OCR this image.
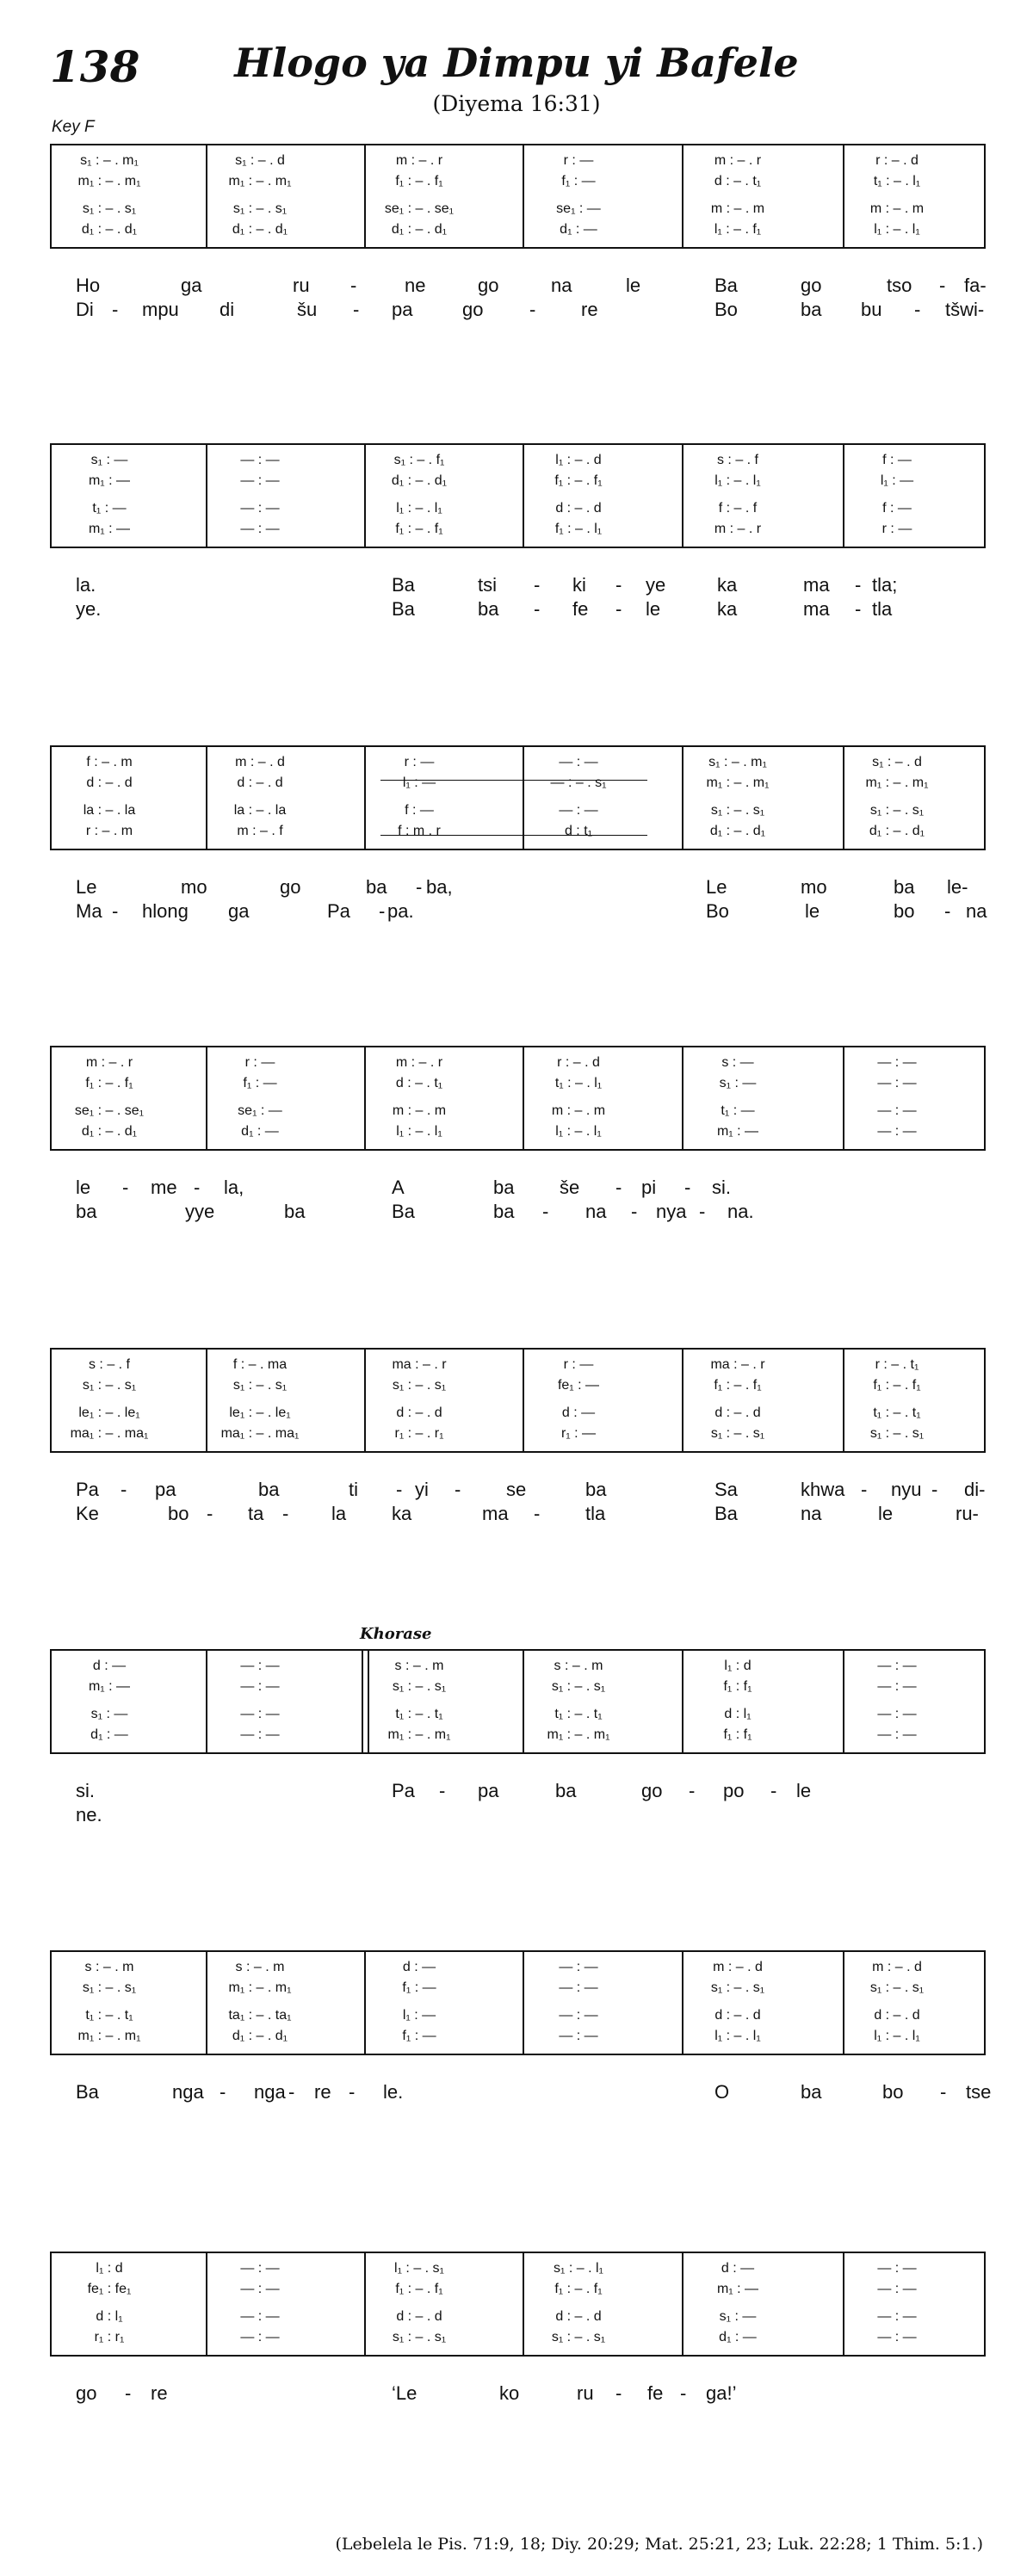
138	Hlogo ya Dimpu yi Bafele
(Diyema 16:31)
Key F
s₁ : – . m₁	s₁ : – . d	m : – . r	r : —	m : – . r	r : – . d
m₁ : – . m₁	m₁ : – . m₁	f₁ : – . f₁	f₁ : —	d : – . t₁	t₁ : – . l₁
s₁ : – . s₁	s₁ : – . s₁	se₁ : – . se₁	se₁ : —	m : – . m	m : – . m
d₁ : – . d₁	d₁ : – . d₁	d₁ : – . d₁	d₁ : —	l₁ : – . f₁	l₁ : – . l₁
Ho	ga	ru -	ne	go	na	le	Ba	go	tso - fa-
Di - mpu di	šu - pa	go - re	Bo	ba bu - tšwi-
s₁ : —	— : —	s₁ : – . f₁	l₁ : – . d	s : – . f	f : —
m₁ : —	— : —	d₁ : – . d₁	f₁ : – . f₁	l₁ : – . l₁	l₁ : —
t₁ : —	— : —	l₁ : – . l₁	d : – . d	f : – . f	f : —
m₁ : —	— : —	f₁ : – . f₁	f₁ : – . l₁	m : – . r	r : —
la.	Ba	tsi - ki - ye	ka	ma - tla;
ye.	Ba	ba - fe - le	ka	ma - tla
f : – . m	m : – . d	r : —	— : —	s₁ : – . m₁	s₁ : – . d
d : – . d	d : – . d	l₁ : —	— : – . s₁	m₁ : – . m₁	m₁ : – . m₁
la : – . la	la : – . la	f : —	— : —	s₁ : – . s₁	s₁ : – . s₁
r : – . m	m : – . f	f : m . r	d : t₁	d₁ : – . d₁	d₁ : – . d₁
Le	mo	go	ba - ba,	Le	mo	ba le-
Ma - hlong ga	Pa - pa.	Bo	le	bo - na
m : – . r	r : —	m : – . r	r : – . d	s : —	— : —
f₁ : – . f₁	f₁ : —	d : – . t₁	t₁ : – . l₁	s₁ : —	— : —
se₁ : – . se₁	se₁ : —	m : – . m	m : – . m	t₁ : —	— : —
d₁ : – . d₁	d₁ : —	l₁ : – . l₁	l₁ : – . l₁	m₁ : —	— : —
le - me - la,	A	ba še - pi - si.
ba	yye	ba	Ba	ba - na - nya - na.
s : – . f	f : – . ma	ma : – . r	r : —	ma : – . r	r : – . t₁
s₁ : – . s₁	s₁ : – . s₁	s₁ : – . s₁	fe₁ : —	f₁ : – . f₁	f₁ : – . f₁
le₁ : – . le₁	le₁ : – . le₁	d : – . d	d : —	d : – . d	t₁ : – . t₁
ma₁ : – . ma₁	ma₁ : – . ma₁	r₁ : – . r₁	r₁ : —	s₁ : – . s₁	s₁ : – . s₁
Pa - pa	ba	ti - yi - se	ba	Sa	khwa - nyu - di-
Ke	bo - ta - la ka	ma - tla	Ba	na	le	ru-
d : —	— : —	s : – . m	s : – . m	l₁ : d	— : —
m₁ : —	— : —	s₁ : – . s₁	s₁ : – . s₁	f₁ : f₁	— : —
s₁ : —	— : —	t₁ : – . t₁	t₁ : – . t₁	d : l₁	— : —
d₁ : —	— : —	m₁ : – . m₁	m₁ : – . m₁	f₁ : f₁	— : —
si.	Pa - pa	ba	go - po - le
ne.
s : – . m	s : – . m	d : —	— : —	m : – . d	m : – . d
s₁ : – . s₁	m₁ : – . m₁	f₁ : —	— : —	s₁ : – . s₁	s₁ : – . s₁
t₁ : – . t₁	ta₁ : – . ta₁	l₁ : —	— : —	d : – . d	d : – . d
m₁ : – . m₁	d₁ : – . d₁	f₁ : —	— : —	l₁ : – . l₁	l₁ : – . l₁
Ba	nga - nga - re - le.	O	ba	bo - tse
l₁ : d	— : —	l₁ : – . s₁	s₁ : – . l₁	d : —	— : —
fe₁ : fe₁	— : —	f₁ : – . f₁	f₁ : – . f₁	m₁ : —	— : —
d : l₁	— : —	d : – . d	d : – . d	s₁ : —	— : —
r₁ : r₁	— : —	s₁ : – . s₁	s₁ : – . s₁	d₁ : —	— : —
go - re	‘Le	ko	ru - fe - ga!’
Khorase
(Lebelela le Pis. 71:9, 18; Diy. 20:29; Mat. 25:21, 23; Luk. 22:28; 1 Thim. 5:1.)
